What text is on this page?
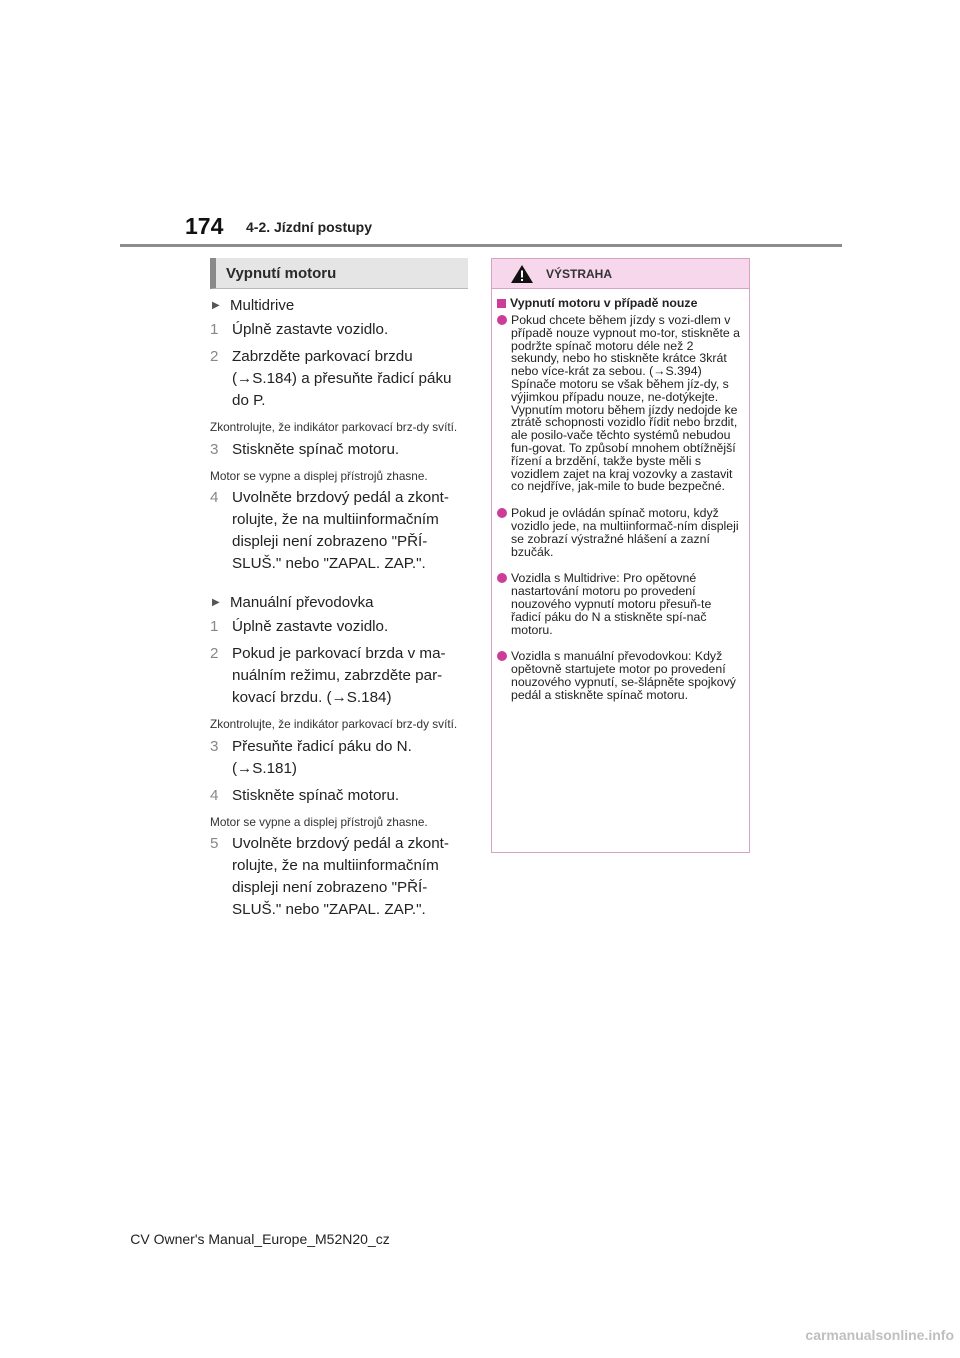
174 4-2. Jízdní postupy
Vypnutí motoru
▶ Multidrive
1 Úplně zastavte vozidlo.
2 Zabrzděte parkovací brzdu (→S.184) a přesuňte řadicí páku do P.
Zkontrolujte, že indikátor parkovací brz-dy svítí.
3 Stiskněte spínač motoru.
Motor se vypne a displej přístrojů zhasne.
4 Uvolněte brzdový pedál a zkont-rolujte, že na multiinformačním displeji není zobrazeno "PŘÍ-SLUŠ." nebo "ZAPAL. ZAP.".
▶ Manuální převodovka
1 Úplně zastavte vozidlo.
2 Pokud je parkovací brzda v ma-nuálním režimu, zabrzděte par-kovací brzdu. (→S.184)
Zkontrolujte, že indikátor parkovací brz-dy svítí.
3 Přesuňte řadicí páku do N. (→S.181)
4 Stiskněte spínač motoru.
Motor se vypne a displej přístrojů zhasne.
5 Uvolněte brzdový pedál a zkont-rolujte, že na multiinformačním displeji není zobrazeno "PŘÍ-SLUŠ." nebo "ZAPAL. ZAP.".
VÝSTRAHA
Vypnutí motoru v případě nouze
Pokud chcete během jízdy s vozi-dlem v případě nouze vypnout mo-tor, stiskněte a podržte spínač motoru déle než 2 sekundy, nebo ho stiskněte krátce 3krát nebo více-krát za sebou. (→S.394) Spínače motoru se však během jíz-dy, s výjimkou případu nouze, ne-dotýkejte. Vypnutím motoru během jízdy nedojde ke ztrátě schopnosti vozidlo řídit nebo brzdit, ale posilo-vače těchto systémů nebudou fun-govat. To způsobí mnohem obtížnější řízení a brzdění, takže byste měli s vozidlem zajet na kraj vozovky a zastavit co nejdříve, jak-mile to bude bezpečné.
Pokud je ovládán spínač motoru, když vozidlo jede, na multiinformač-ním displeji se zobrazí výstražné hlášení a zazní bzučák.
Vozidla s Multidrive: Pro opětovné nastartování motoru po provedení nouzového vypnutí motoru přesuň-te řadicí páku do N a stiskněte spí-nač motoru.
Vozidla s manuální převodovkou: Když opětovně startujete motor po provedení nouzového vypnutí, se-šlápněte spojkový pedál a stiskněte spínač motoru.
CV Owner's Manual_Europe_M52N20_cz
carmanualsonline.info
